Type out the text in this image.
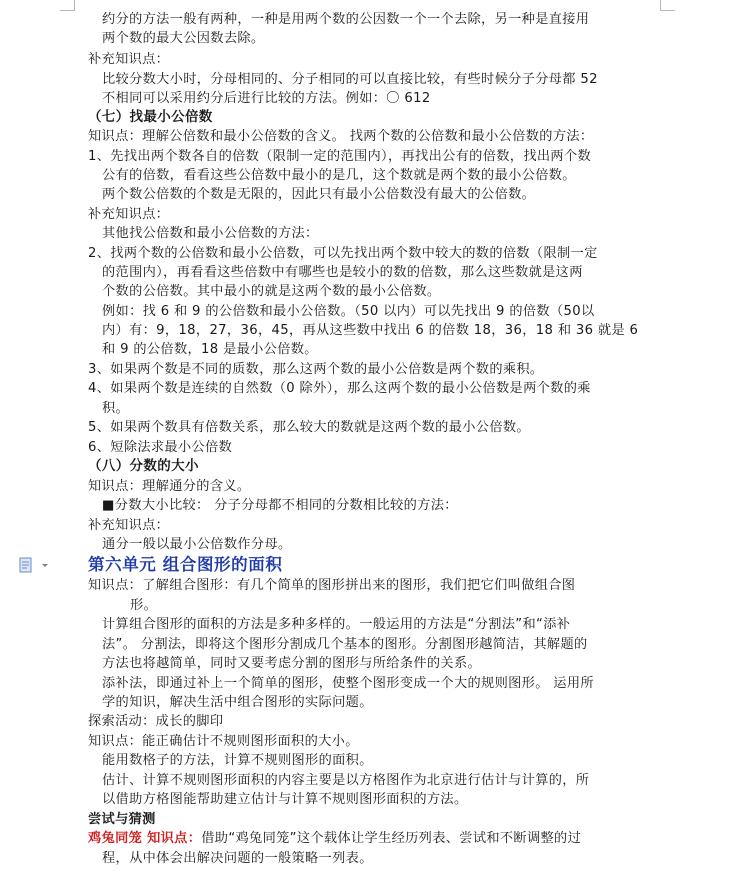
约分的方法一般有两种，一种是用两个数的公因数一个一个去除，另一种是直接用
两个数的最大公因数去除。
补充知识点：
比较分数大小时，分母相同的、分子相同的可以直接比较，有些时候分子分母都 52
不相同可以采用约分后进行比较的方法。例如：〇 612
（七）找最小公倍数
知识点：理解公倍数和最小公倍数的含义。 找两个数的公倍数和最小公倍数的方法：
1、先找出两个数各自的倍数（限制一定的范围内），再找出公有的倍数，找出两个数
公有的倍数，看看这些公倍数中最小的是几，这个数就是两个数的最小公倍数。
两个数公倍数的个数是无限的，因此只有最小公倍数没有最大的公倍数。
补充知识点：
其他找公倍数和最小公倍数的方法：
2、找两个数的公倍数和最小公倍数，可以先找出两个数中较大的数的倍数（限制一定
的范围内），再看看这些倍数中有哪些也是较小的数的倍数，那么这些数就是这两
个数的公倍数。其中最小的就是这两个数的最小公倍数。
例如：找 6 和 9 的公倍数和最小公倍数。（50 以内）可以先找出 9 的倍数（50以
内）有：9，18，27，36，45，再从这些数中找出 6 的倍数 18，36，18 和 36 就是 6
和 9 的公倍数，18 是最小公倍数。
3、如果两个数是不同的质数，那么这两个数的最小公倍数是两个数的乘积。
4、如果两个数是连续的自然数（0 除外），那么这两个数的最小公倍数是两个数的乘
积。
5、如果两个数具有倍数关系，那么较大的数就是这两个数的最小公倍数。
6、短除法求最小公倍数
（八）分数的大小
知识点：理解通分的含义。
■分数大小比较： 分子分母都不相同的分数相比较的方法：
补充知识点：
通分一般以最小公倍数作分母。
第六单元 组合图形的面积
知识点：了解组合图形：有几个简单的图形拼出来的图形，我们把它们叫做组合图
形。
计算组合图形的面积的方法是多种多样的。一般运用的方法是“分割法”和“添补
法”。 分割法，即将这个图形分割成几个基本的图形。分割图形越简洁，其解题的
方法也将越简单，同时又要考虑分割的图形与所给条件的关系。
添补法，即通过补上一个简单的图形，使整个图形变成一个大的规则图形。 运用所
学的知识，解决生活中组合图形的实际问题。
探索活动：成长的脚印
知识点：能正确估计不规则图形面积的大小。
能用数格子的方法，计算不规则图形的面积。
估计、计算不规则图形面积的内容主要是以方格图作为北京进行估计与计算的，所
以借助方格图能帮助建立估计与计算不规则图形面积的方法。
尝试与猜测
鸡兔同笼 知识点：借助“鸡兔同笼”这个载体让学生经历列表、尝试和不断调整的过
程，从中体会出解决问题的一般策略一列表。
